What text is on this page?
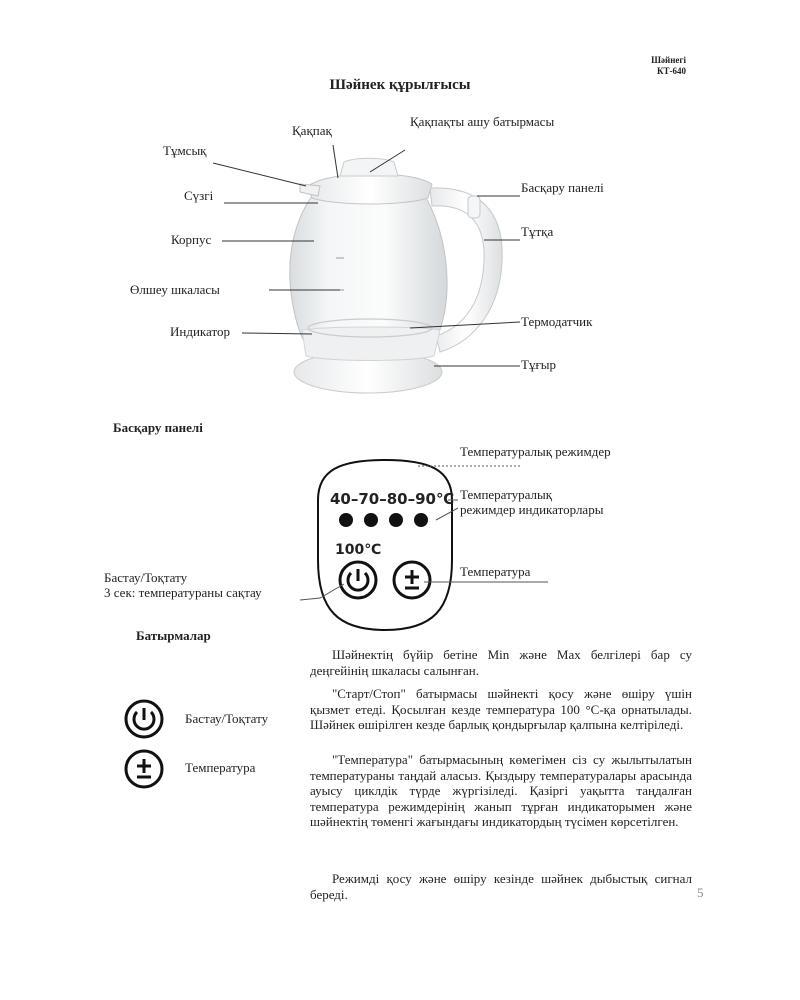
Шәйнегі
КТ-640
Шәйнек құрылғысы
Қақпақ
Қақпақты ашу батырмасы
Тұмсық
Сүзгі
Басқару панелі
Корпус
Тұтқа
Өлшеу шкаласы
Индикатор
Термодатчик
Тұғыр
Басқару панелі
40–70–80–90℃
100℃
Температуралық режимдер
Температуралық
режимдер индикаторлары
Температура
Бастау/Тоқтату
3 сек: температураны сақтау
Батырмалар
Бастау/Тоқтату
Температура
Шәйнектің бүйір бетіне Min және Max белгілері бар су деңгейінің шкаласы салынған.
"Старт/Стоп" батырмасы шәйнекті қосу және өшіру үшін қызмет етеді. Қосылған кезде температура 100 °С-қа орнатылады. Шәйнек өшірілген кезде барлық қондырғылар қалпына келтіріледі.
"Температура" батырмасының көмегімен сіз су жылытылатын температураны таңдай аласыз. Қыздыру температуралары арасында ауысу циклдік түрде жүргізіледі. Қазіргі уақытта таңдалған температура режимдерінің жанып тұрған индикаторымен және шәйнектің төменгі жағындағы индикатордың түсімен көрсетілген.
Режимді қосу және өшіру кезінде шәйнек дыбыстық сигнал береді.	5
